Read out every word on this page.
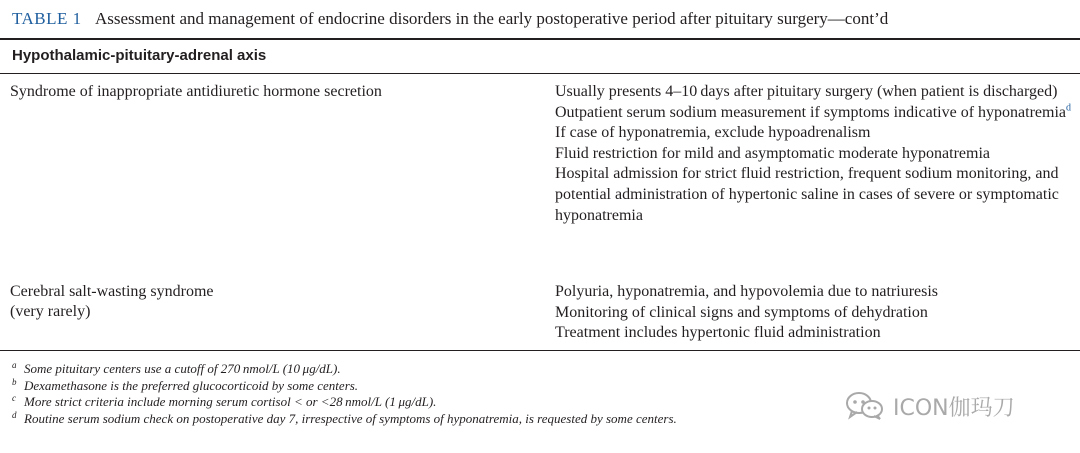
TABLE 1 Assessment and management of endocrine disorders in the early postoperative period after pituitary surgery—cont’d
Hypothalamic-pituitary-adrenal axis
Syndrome of inappropriate antidiuretic hormone secretion	Usually presents 4–10 days after pituitary surgery (when patient is discharged)
Outpatient serum sodium measurement if symptoms indicative of hyponatremia$^d$
If case of hyponatremia, exclude hypoadrenalism
Fluid restriction for mild and asymptomatic moderate hyponatremia
Hospital admission for strict fluid restriction, frequent sodium monitoring, and potential administration of hypertonic saline in cases of severe or symptomatic hyponatremia
Cerebral salt-wasting syndrome
(very rarely)
Polyuria, hyponatremia, and hypovolemia due to natriuresis
Monitoring of clinical signs and symptoms of dehydration
Treatment includes hypertonic fluid administration
a Some pituitary centers use a cutoff of 270 nmol/L (10 μg/dL).
b Dexamethasone is the preferred glucocorticoid by some centers.
c More strict criteria include morning serum cortisol < or <28 nmol/L (1 μg/dL).
d Routine serum sodium check on postoperative day 7, irrespective of symptoms of hyponatremia, is requested by some centers.	ICON伽玛刀
